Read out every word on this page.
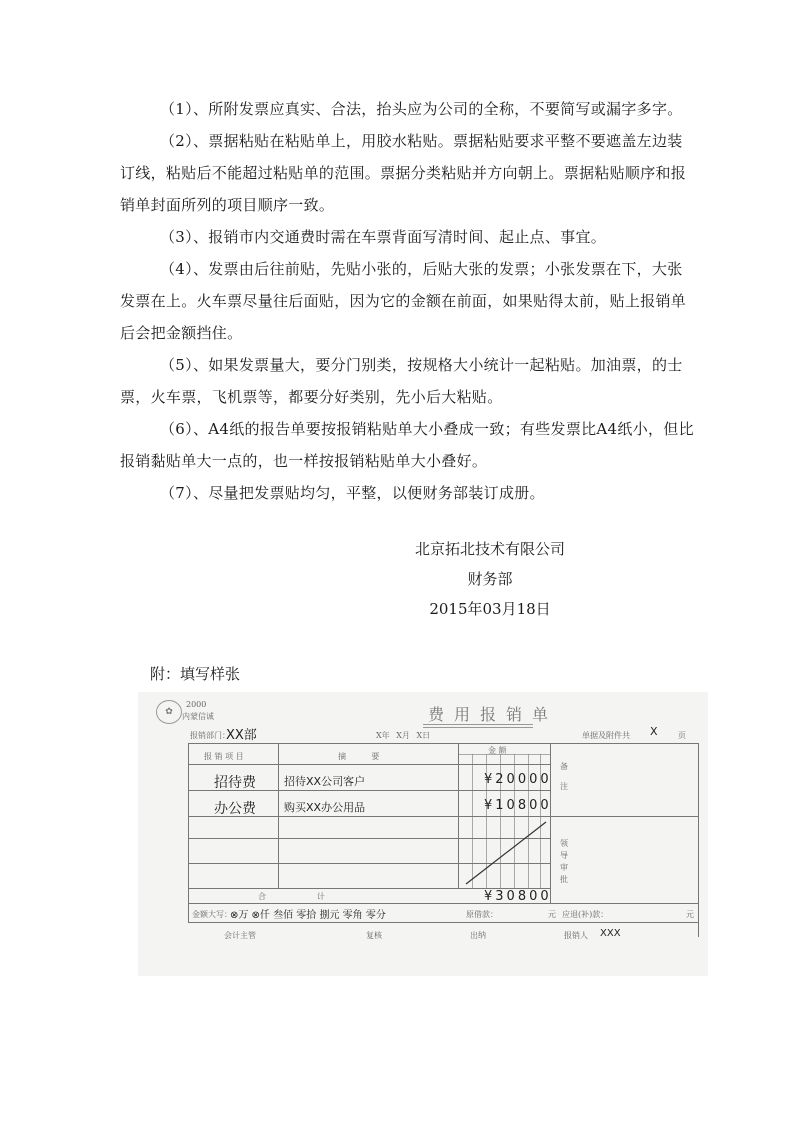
（1）、所附发票应真实、合法，抬头应为公司的全称，不要简写或漏字多字。

（2）、票据粘贴在粘贴单上，用胶水粘贴。票据粘贴要求平整不要遮盖左边装订线，粘贴后不能超过粘贴单的范围。票据分类粘贴并方向朝上。票据粘贴顺序和报销单封面所列的项目顺序一致。

（3）、报销市内交通费时需在车票背面写清时间、起止点、事宜。

（4）、发票由后往前贴，先贴小张的，后贴大张的发票；小张发票在下，大张发票在上。火车票尽量往后面贴，因为它的金额在前面，如果贴得太前，贴上报销单后会把金额挡住。

（5）、如果发票量大，要分门别类，按规格大小统计一起粘贴。加油票，的士票，火车票，飞机票等，都要分好类别，先小后大粘贴。

（6）、A4纸的报告单要按报销粘贴单大小叠成一致；有些发票比A4纸小，但比报销黏贴单大一点的，也一样按报销粘贴单大小叠好。

（7）、尽量把发票贴均匀，平整，以便财务部装订成册。

北京拓北技术有限公司
财务部
2015年03月18日
附：填写样张
✿
2000
内蒙信诚	费用报销单
报销部门：
XX部	X年 X月 X日	单据及附件共 X	页
报 销 项 目	摘          要
金 额
备

注
领
导
审
批
招待费	招待XX公司客户	¥20000
办公费	购买XX办公用品	¥10800
合                    计	¥30800
金额大写：
⊗万 ⊗仟 叁佰 零拾 捌元 零角 零分	原借款：	元 应退(补)款：	元
会计主管	复核	出纳	报销人 XXX
